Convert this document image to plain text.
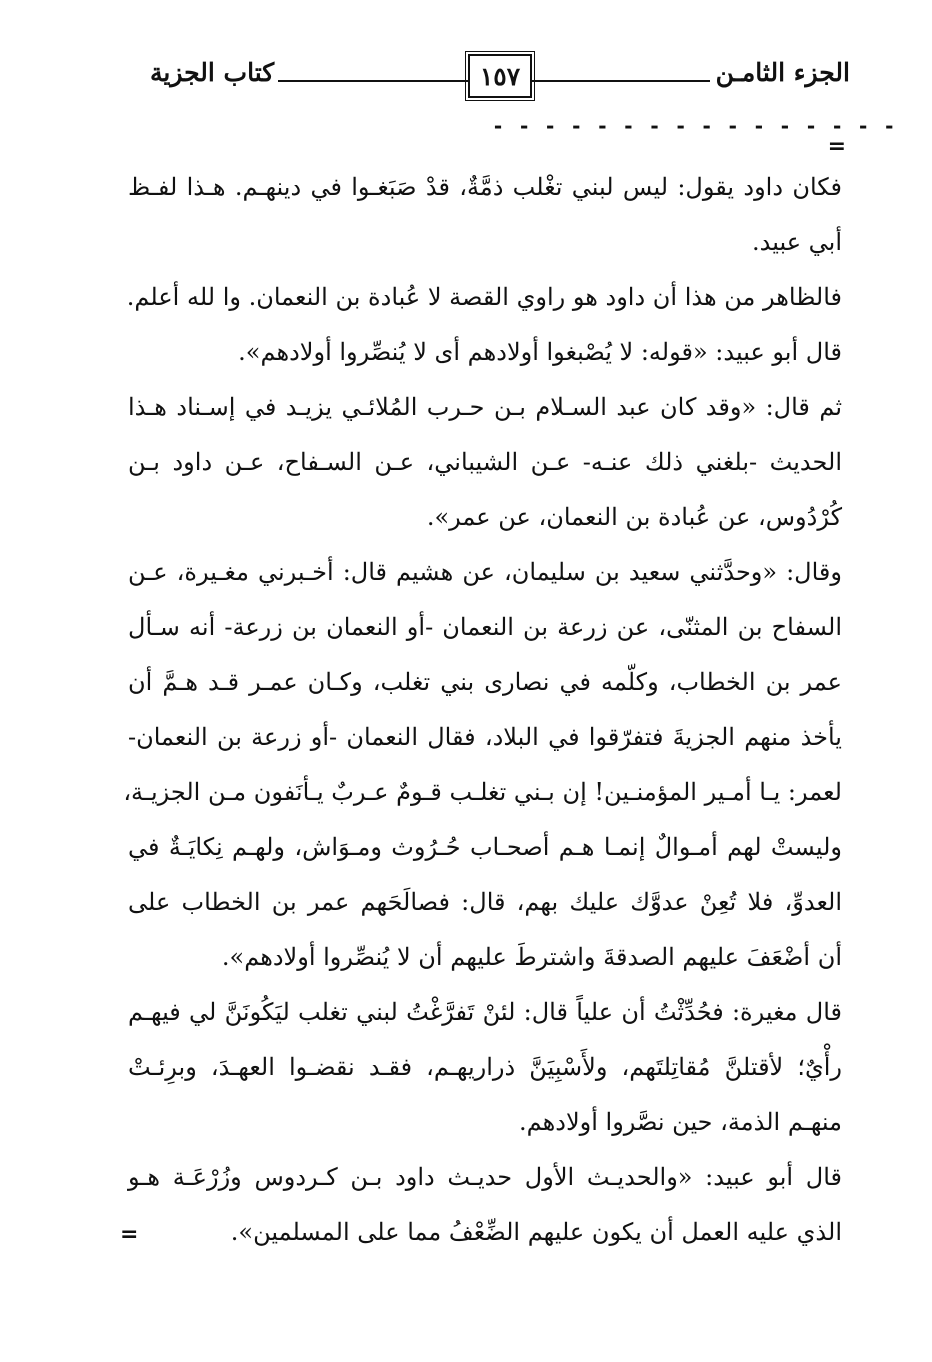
الجزء الثامـن
١٥٧
كتاب الجزية
- - - - - - - - - - - - - - - -
=
فكان داود يقول: ليس لبني تغْلب ذمَّةٌ، قدْ صَبَغـوا في دينهـم. هـذا لفـظ
أبي عبيد.
فالظاهر من هذا أن داود هو راوي القصة لا عُبادة بن النعمان. وا لله أعلم.
قال أبو عبيد: «قوله: لا يُصْبغوا أولادهم أى لا يُنصِّروا أولادهم».
ثم قال: «وقد كان عبد السـلام بـن حـرب المُلائـي يزيـد في إسـناد هـذا
الحديث -بلغني ذلك عنـه- عـن الشيباني، عـن السـفاح، عـن داود بـن
كُرْدُوس، عن عُبادة بن النعمان، عن عمر».
وقال: «وحدَّثني سعيد بن سليمان، عن هشيم قال: أخـبرني مغـيرة، عـن
السفاح بن المثنّى، عن زرعة بن النعمان -أو النعمان بن زرعة- أنه سـأل
عمر بن الخطاب، وكلّمه في نصارى بني تغلب، وكـان عمـر قـد هـمَّ أن
يأخذ منهم الجزيةَ فتفرّقوا في البلاد، فقال النعمان -أو زرعة بن النعمان-
لعمر: يـا أمـير المؤمنـين! إن بـني تغلـب قـومٌ عـربٌ يـأنَفون مـن الجزيـة،
وليستْ لهم أمـوالٌ إنمـا هـم أصحـاب حُـرُوث ومـوَاش، ولهـم نِكايَـةٌ في
العدوِّ، فلا تُعِنْ عدوَّك عليك بهم، قال: فصالَحَهم عمر بن الخطاب على
أن أضْعَفَ عليهم الصدقةَ واشترطَ عليهم أن لا يُنصِّروا أولادهم».
قال مغيرة: فحُدِّثْتُ أن علياً قال: لئنْ تَفرَّغْتُ لبني تغلب ليَكُونَنَّ لي فيهـم
رأْيٌ؛ لأقتلنَّ مُقاتِلتَهم، ولأَسْبِيَنَّ ذراريهـم، فقـد نقضـوا العهـدَ، وبرِئـتْ
منهـم الذمة، حين نصَّروا أولادهم.
قال أبو عبيد: «والحديـث الأول حديـث داود بـن كـردوس وزُرْعَـة هـو
الذي عليه العمل أن يكون عليهم الضِّعْفُ مما على المسلمين».
=
